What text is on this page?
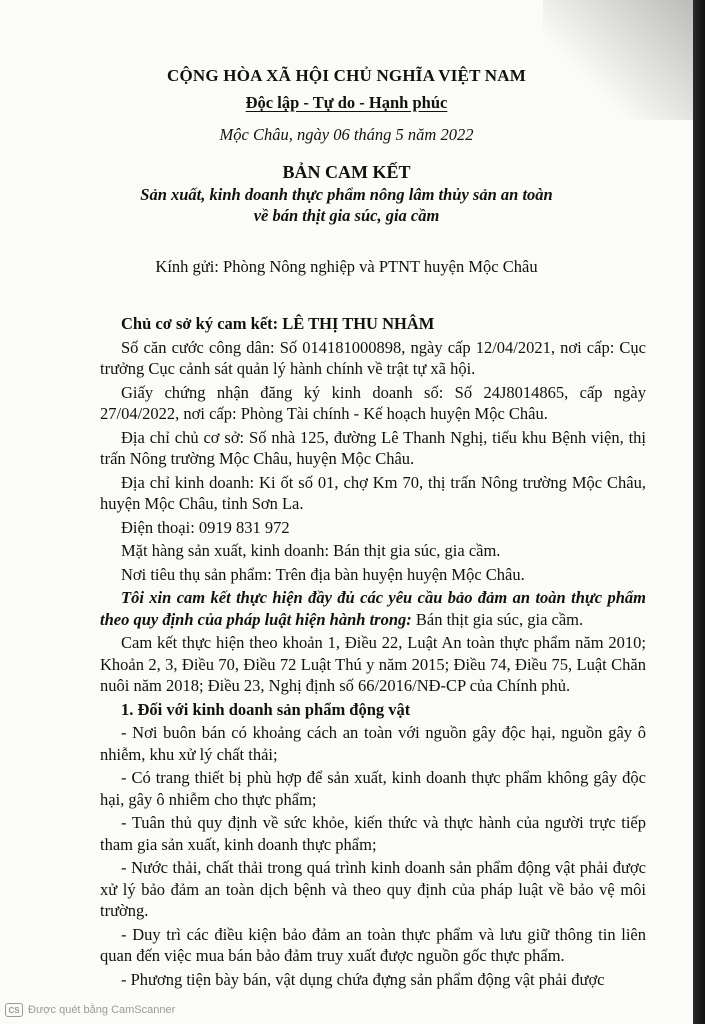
CỘNG HÒA XÃ HỘI CHỦ NGHĨA VIỆT NAM
Độc lập - Tự do - Hạnh phúc
Mộc Châu, ngày 06 tháng 5 năm 2022
BẢN CAM KẾT
Sản xuất, kinh doanh thực phẩm nông lâm thủy sản an toàn
về bán thịt gia súc, gia cầm
Kính gửi: Phòng Nông nghiệp và PTNT huyện Mộc Châu

Chủ cơ sở ký cam kết: LÊ THỊ THU NHÂM

Số căn cước công dân: Số 014181000898, ngày cấp 12/04/2021, nơi cấp: Cục trưởng Cục cảnh sát quản lý hành chính về trật tự xã hội.

Giấy chứng nhận đăng ký kinh doanh số: Số 24J8014865, cấp ngày 27/04/2022, nơi cấp: Phòng Tài chính - Kế hoạch huyện Mộc Châu.

Địa chỉ chủ cơ sở: Số nhà 125, đường Lê Thanh Nghị, tiểu khu Bệnh viện, thị trấn Nông trường Mộc Châu, huyện Mộc Châu.

Địa chỉ kinh doanh: Ki ốt số 01, chợ Km 70, thị trấn Nông trường Mộc Châu, huyện Mộc Châu, tỉnh Sơn La.

Điện thoại: 0919 831 972

Mặt hàng sản xuất, kinh doanh: Bán thịt gia súc, gia cầm.

Nơi tiêu thụ sản phẩm: Trên địa bàn huyện huyện Mộc Châu.

Tôi xin cam kết thực hiện đầy đủ các yêu cầu bảo đảm an toàn thực phẩm theo quy định của pháp luật hiện hành trong: Bán thịt gia súc, gia cầm.

Cam kết thực hiện theo khoản 1, Điều 22, Luật An toàn thực phẩm năm 2010; Khoản 2, 3, Điều 70, Điều 72 Luật Thú y năm 2015; Điều 74, Điều 75, Luật Chăn nuôi năm 2018; Điều 23, Nghị định số 66/2016/NĐ-CP của Chính phủ.

1. Đối với kinh doanh sản phẩm động vật

- Nơi buôn bán có khoảng cách an toàn với nguồn gây độc hại, nguồn gây ô nhiễm, khu xử lý chất thải;

- Có trang thiết bị phù hợp để sản xuất, kinh doanh thực phẩm không gây độc hại, gây ô nhiễm cho thực phẩm;

- Tuân thủ quy định về sức khỏe, kiến thức và thực hành của người trực tiếp tham gia sản xuất, kinh doanh thực phẩm;

- Nước thải, chất thải trong quá trình kinh doanh sản phẩm động vật phải được xử lý bảo đảm an toàn dịch bệnh và theo quy định của pháp luật về bảo vệ môi trường.

- Duy trì các điều kiện bảo đảm an toàn thực phẩm và lưu giữ thông tin liên quan đến việc mua bán bảo đảm truy xuất được nguồn gốc thực phẩm.

- Phương tiện bày bán, vật dụng chứa đựng sản phẩm động vật phải được

CS Được quét bằng CamScanner
